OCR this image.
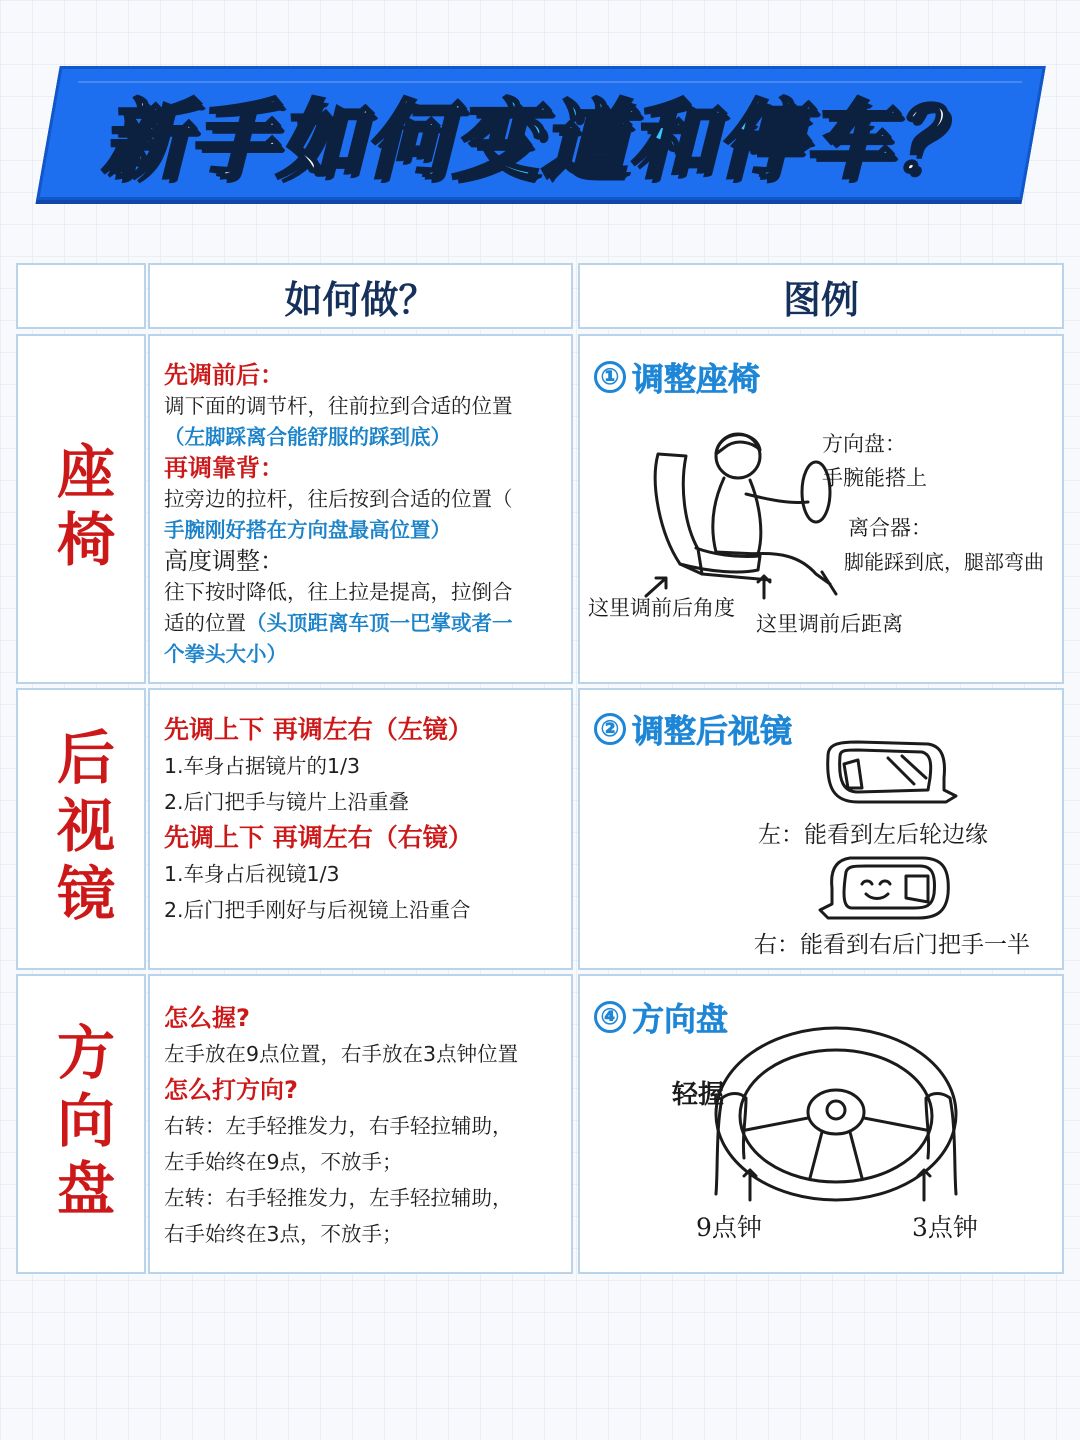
新手如何 变道和停车 ？
如何做？	图例
座椅
先调前后：
调下面的调节杆，往前拉到合适的位置
（左脚踩离合能舒服的踩到底）
再调靠背：
拉旁边的拉杆，往后按到合适的位置（
手腕刚好搭在方向盘最高位置）
高度调整：
往下按时降低，往上拉是提高，拉倒合
适的位置（头顶距离车顶一巴掌或者一
个拳头大小）
① 调整座椅
方向盘：
手腕能搭上
离合器：
脚能踩到底，腿部弯曲
这里调前后角度
这里调前后距离
后视镜 先调上下 再调左右（左镜）
1.车身占据镜片的1/3
2.后门把手与镜片上沿重叠
先调上下 再调左右（右镜）
1.车身占后视镜1/3
2.后门把手刚好与后视镜上沿重合
② 调整后视镜
左：能看到左后轮边缘
右：能看到右后门把手一半
方向盘
怎么握?
左手放在9点位置，右手放在3点钟位置
怎么打方向?
右转：左手轻推发力，右手轻拉辅助，
左手始终在9点，不放手；
左转：右手轻推发力，左手轻拉辅助，
右手始终在3点，不放手；
④ 方向盘
轻握
9点钟	3点钟
